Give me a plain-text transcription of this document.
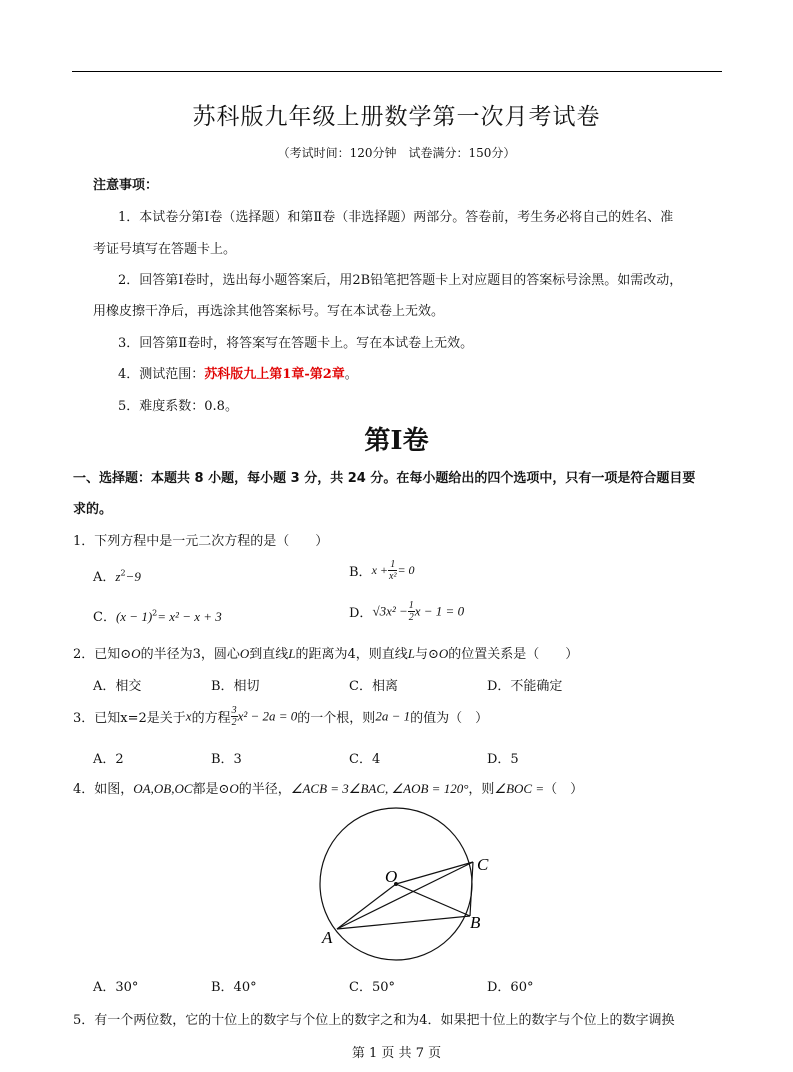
苏科版九年级上册数学第一次月考试卷
（考试时间：120分钟　试卷满分：150分）
注意事项：
1．本试卷分第Ⅰ卷（选择题）和第Ⅱ卷（非选择题）两部分。答卷前，考生务必将自己的姓名、准
考证号填写在答题卡上。
2．回答第Ⅰ卷时，选出每小题答案后，用2B铅笔把答题卡上对应题目的答案标号涂黑。如需改动，
用橡皮擦干净后，再选涂其他答案标号。写在本试卷上无效。
3．回答第Ⅱ卷时，将答案写在答题卡上。写在本试卷上无效。
4．测试范围：苏科版九上第1章-第2章。
5．难度系数：0.8。
第Ⅰ卷
一、选择题：本题共 8 小题，每小题 3 分，共 24 分。在每小题给出的四个选项中，只有一项是符合题目要
求的。
1．下列方程中是一元二次方程的是（　　）
A．$z^2-9$	B．$x + \frac{1}{\text{x²}} = 0$
C．$(x - 1)^2= x^2 - x + 3$	D．$√3x^2 - \frac{1}{2}$ x − 1 = 0
2．已知⊙O的半径为3，圆心O到直线L的距离为4，则直线L与⊙O的位置关系是（　　）
A．相交	B．相切	C．相离	D．不能确定
3．已知x=2是关于x的方程 $\frac{3}{2} x^2 - 2a = 0$的一个根，则2a − 1的值为（　）
A．2	B．3	C．4	D．5
4．如图，OA,OB,OC都是⊙O的半径，∠ACB = 3∠BAC, ∠AOB = 120°，则∠BOC =（　）
O
A
B
C
A．30°	B．40°	C．50°	D．60°
5．有一个两位数，它的十位上的数字与个位上的数字之和为4．如果把十位上的数字与个位上的数字调换
第 1 页 共 7 页
